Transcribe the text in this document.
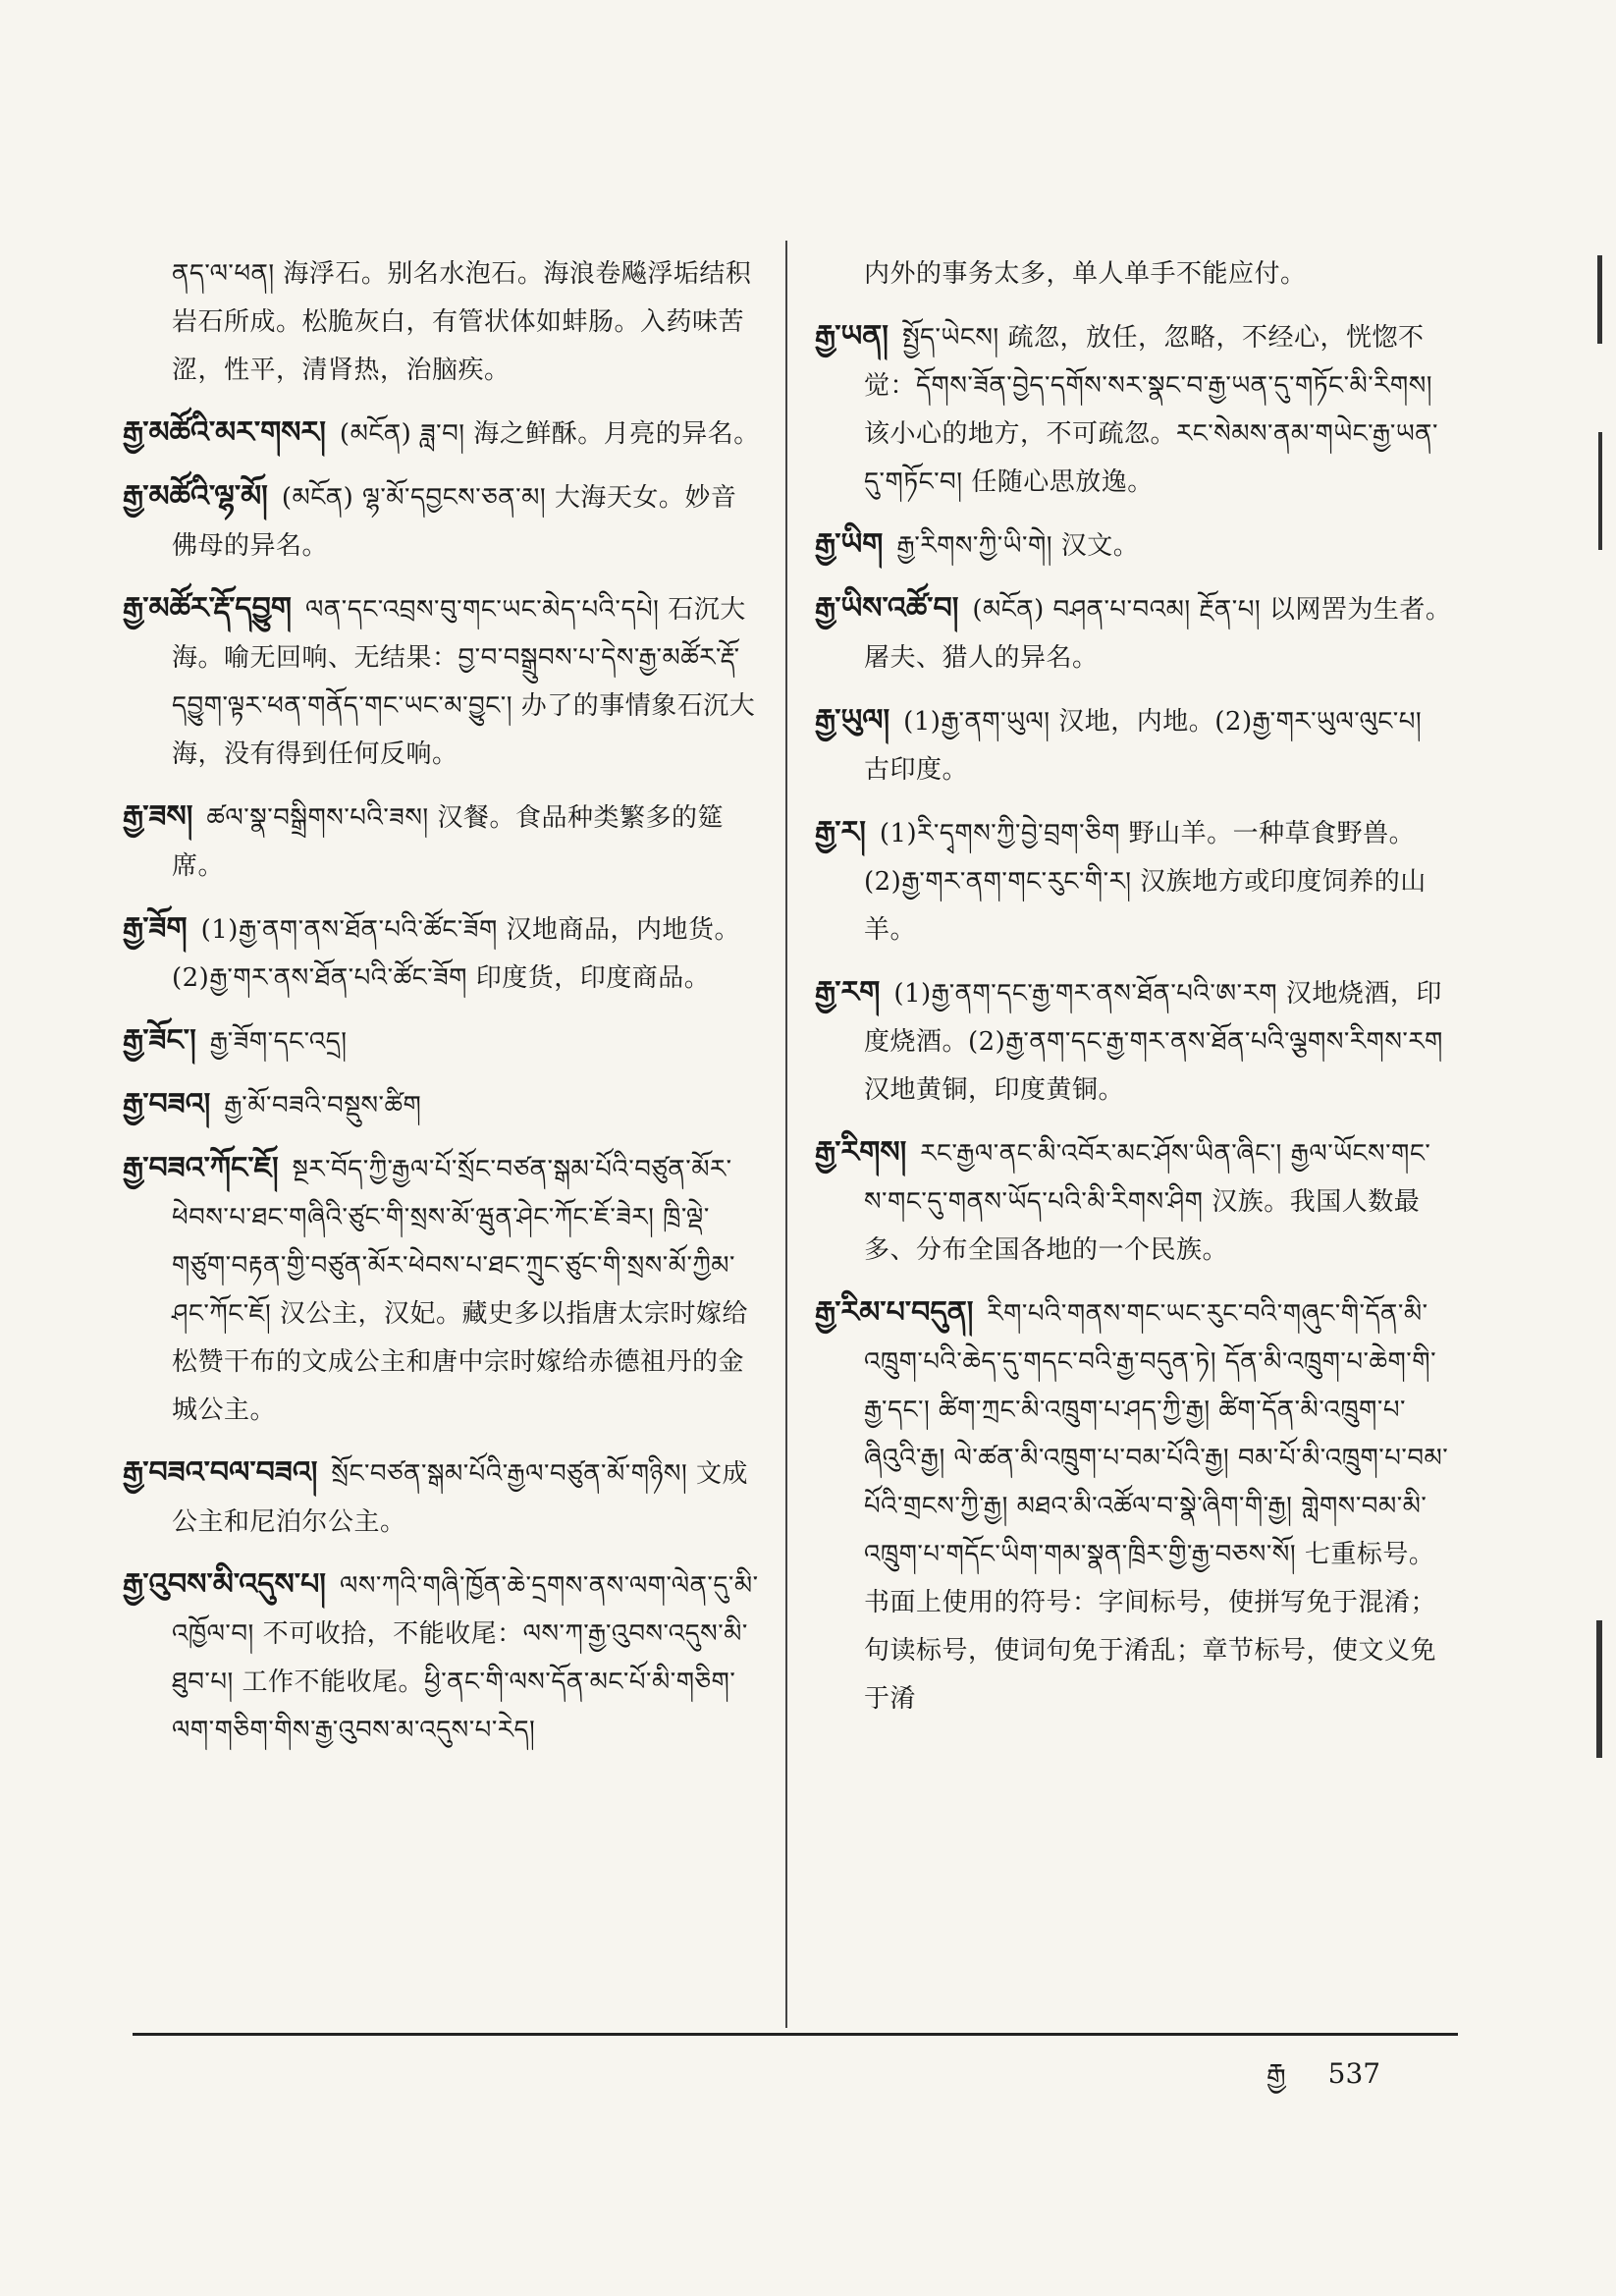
ནད་ལ་ཕན། 海浮石。别名水泡石。海浪卷飚浮垢结积岩石所成。松脆灰白，有管状体如蚌肠。入药味苦涩，性平，清肾热，治脑疾。
རྒྱ་མཚོའི་མར་གསར། (མངོན) ཟླ་བ། 海之鲜酥。月亮的异名。
རྒྱ་མཚོའི་ལྷ་མོ། (མངོན) ལྷ་མོ་དབྱངས་ཅན་མ། 大海天女。妙音佛母的异名。
རྒྱ་མཚོར་རྡོ་དབྱུག ལན་དང་འབྲས་བུ་གང་ཡང་མེད་པའི་དཔེ། 石沉大海。喻无回响、无结果：བྱ་བ་བསྒྲུབས་པ་དེས་རྒྱ་མཚོར་རྡོ་དབྱུག་ལྟར་ཕན་གནོད་གང་ཡང་མ་བྱུང་། 办了的事情象石沉大海，没有得到任何反响。
རྒྱ་ཟས། ཚལ་སྣ་བསྒྲིགས་པའི་ཟས། 汉餐。食品种类繁多的筵席。
རྒྱ་ཟོག (1)རྒྱ་ནག་ནས་ཐོན་པའི་ཚོང་ཟོག 汉地商品，内地货。(2)རྒྱ་གར་ནས་ཐོན་པའི་ཚོང་ཟོག 印度货，印度商品。
རྒྱ་ཟོང་། རྒྱ་ཟོག་དང་འདྲ།
རྒྱ་བཟའ། རྒྱ་མོ་བཟའི་བསྡུས་ཚིག
རྒྱ་བཟའ་ཀོང་ཇོ། སྔར་བོད་ཀྱི་རྒྱལ་པོ་སྲོང་བཙན་སྒམ་པོའི་བཙུན་མོར་ཕེབས་པ་ཐང་གཞིའི་ཙུང་གི་སྲས་མོ་ཝུན་ཤེང་ཀོང་ཇོ་ཟེར། ཁྲི་ལྡེ་གཙུག་བརྟན་གྱི་བཙུན་མོར་ཕེབས་པ་ཐང་ཀྲུང་ཙུང་གི་སྲས་མོ་ཀྱིམ་ཤང་ཀོང་ཇོ། 汉公主，汉妃。藏史多以指唐太宗时嫁给松赞干布的文成公主和唐中宗时嫁给赤德祖丹的金城公主。
རྒྱ་བཟའ་བལ་བཟའ། སྲོང་བཙན་སྒམ་པོའི་རྒྱལ་བཙུན་མོ་གཉིས། 文成公主和尼泊尔公主。
རྒྱ་འུབས་མི་འདུས་པ། ལས་ཀའི་གཞི་ཁྱོན་ཆེ་དྲགས་ནས་ལག་ལེན་དུ་མི་འཁྱོལ་བ། 不可收拾，不能收尾：ལས་ཀ་རྒྱ་འུབས་འདུས་མི་ཐུབ་པ། 工作不能收尾。ཕྱི་ནང་གི་ལས་དོན་མང་པོ་མི་གཅིག་ལག་གཅིག་གིས་རྒྱ་འུབས་མ་འདུས་པ་རེད།
内外的事务太多，单人单手不能应付。
རྒྱ་ཡན། སྤྱོད་ཡེངས། 疏忽，放任，忽略，不经心，恍惚不觉：དོགས་ཟོན་བྱེད་དགོས་སར་སྣང་བ་རྒྱ་ཡན་དུ་གཏོང་མི་རིགས། 该小心的地方，不可疏忽。རང་སེམས་ནམ་གཡེང་རྒྱ་ཡན་དུ་གཏོང་བ། 任随心思放逸。
རྒྱ་ཡིག རྒྱ་རིགས་ཀྱི་ཡི་གེ། 汉文。
རྒྱ་ཡིས་འཚོ་བ། (མངོན) བཤན་པ་བའམ། རྔོན་པ། 以网罟为生者。屠夫、猎人的异名。
རྒྱ་ཡུལ། (1)རྒྱ་ནག་ཡུལ། 汉地，内地。(2)རྒྱ་གར་ཡུལ་ལུང་པ། 古印度。
རྒྱ་ར། (1)རི་དྭགས་ཀྱི་བྱེ་བྲག་ཅིག 野山羊。一种草食野兽。(2)རྒྱ་གར་ནག་གང་རུང་གི་ར། 汉族地方或印度饲养的山羊。
རྒྱ་རག (1)རྒྱ་ནག་དང་རྒྱ་གར་ནས་ཐོན་པའི་ཨ་རག 汉地烧酒，印度烧酒。(2)རྒྱ་ནག་དང་རྒྱ་གར་ནས་ཐོན་པའི་ལྕགས་རིགས་རག 汉地黄铜，印度黄铜。
རྒྱ་རིགས། རང་རྒྱལ་ནང་མི་འབོར་མང་ཤོས་ཡིན་ཞིང་། རྒྱལ་ཡོངས་གང་ས་གང་དུ་གནས་ཡོད་པའི་མི་རིགས་ཤིག 汉族。我国人数最多、分布全国各地的一个民族。
རྒྱ་རིམ་པ་བདུན། རིག་པའི་གནས་གང་ཡང་རུང་བའི་གཞུང་གི་དོན་མི་འཁྲུག་པའི་ཆེད་དུ་གདང་བའི་རྒྱ་བདུན་ཏེ། དོན་མི་འཁྲུག་པ་ཆེག་གི་རྒྱ་དང་། ཚིག་ཀྲང་མི་འཁྲུག་པ་ཤད་ཀྱི་རྒྱ། ཚིག་དོན་མི་འཁྲུག་པ་ཞིའུའི་རྒྱ། ལེ་ཚན་མི་འཁྲུག་པ་བམ་པོའི་རྒྱ། བམ་པོ་མི་འཁྲུག་པ་བམ་པོའི་གྲངས་ཀྱི་རྒྱ། མཐའ་མི་འཚོལ་བ་སྣེ་ཞིག་གི་རྒྱ། གླེགས་བམ་མི་འཁྲུག་པ་གདོང་ཡིག་གམ་སྣན་ཁྲིར་གྱི་རྒྱ་བཅས་སོ། 七重标号。书面上使用的符号：字间标号，使拼写免于混淆；句读标号，使词句免于淆乱；章节标号，使文义免于淆
རྒྱ 537
